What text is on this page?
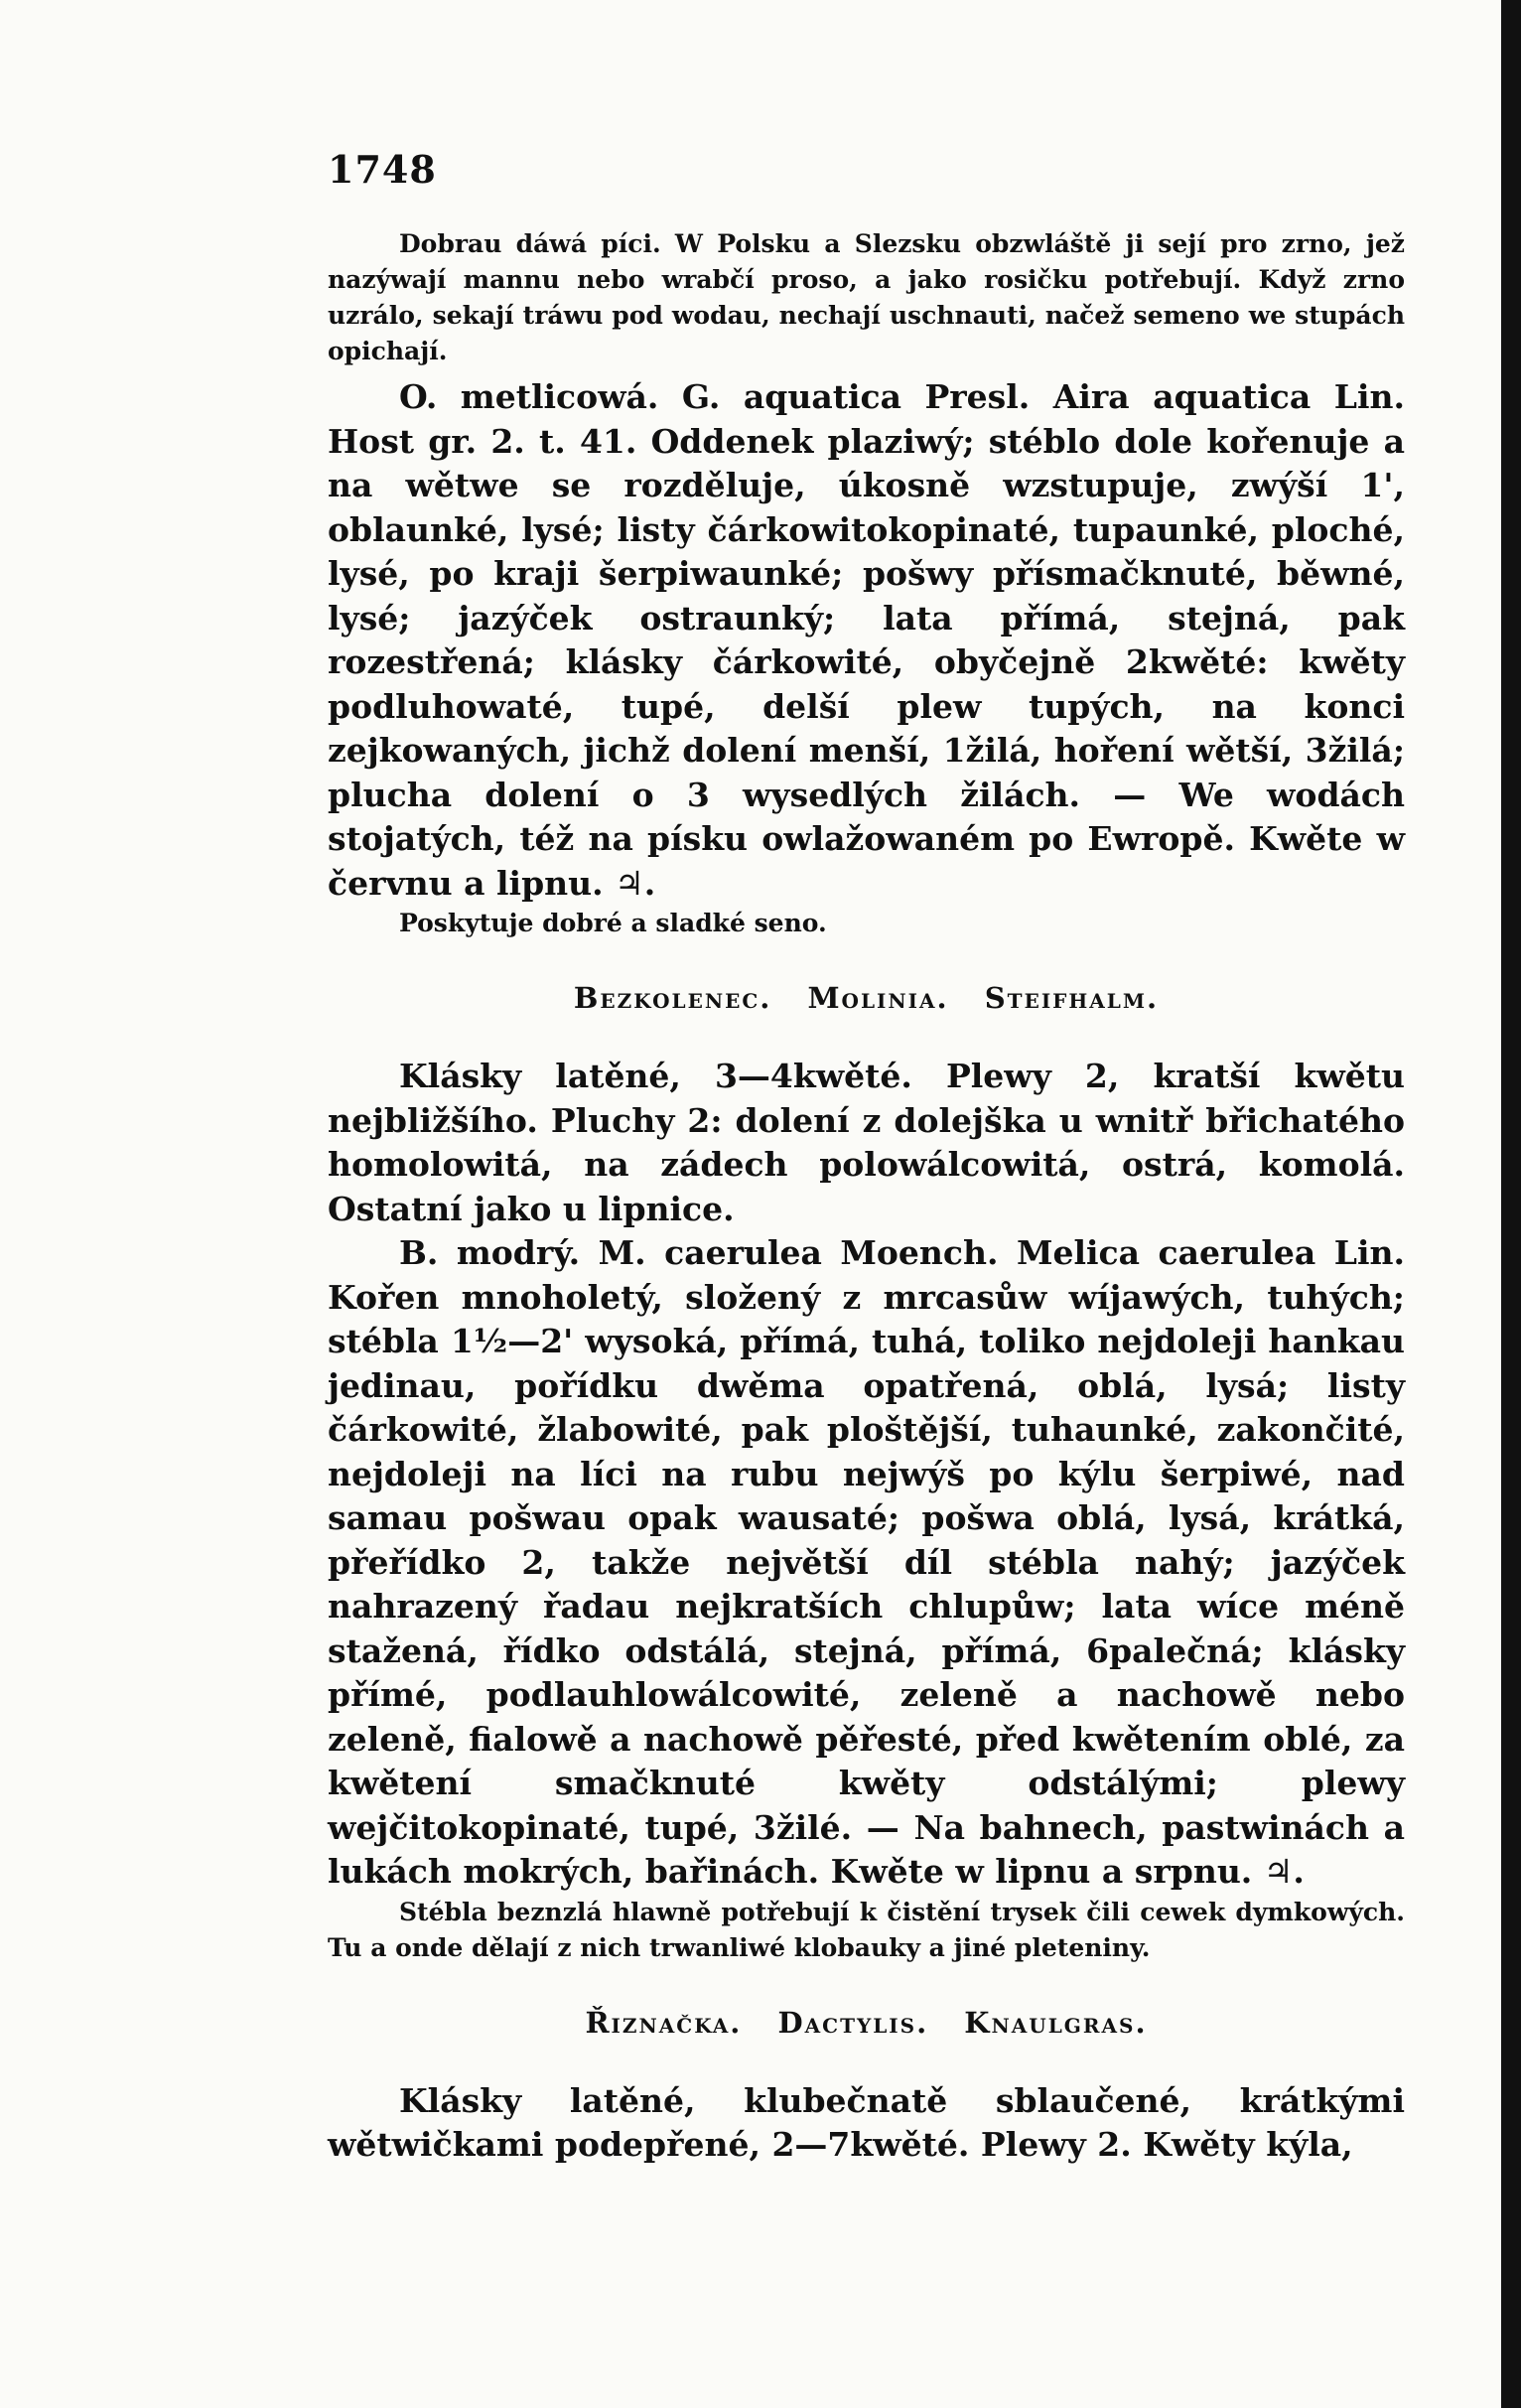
1748

Dobrau dáwá píci. W Polsku a Slezsku obzwláště ji sejí pro zrno, jež nazýwají mannu nebo wrabčí proso, a jako rosičku potřebují. Když zrno uzrálo, sekají tráwu pod wodau, nechají uschnauti, načež semeno we stupách opichají.

O. metlicowá. G. aquatica Presl. Aira aquatica Lin. Host gr. 2. t. 41. Oddenek plaziwý; stéblo dole kořenuje a na wětwe se rozděluje, úkosně wzstupuje, zwýší 1', oblaunké, lysé; listy čárkowitokopinaté, tupaunké, ploché, lysé, po kraji šerpiwaunké; pošwy přísmačknuté, běwné, lysé; jazýček ostraunký; lata přímá, stejná, pak rozestřená; klásky čárkowité, obyčejně 2kwěté: kwěty podluhowaté, tupé, delší plew tupých, na konci zejkowaných, jichž dolení menší, 1žilá, hoření wětší, 3žilá; plucha dolení o 3 wysedlých žilách. — We wodách stojatých, též na písku owlažowaném po Ewropě. Kwěte w červnu a lipnu. ♃.

Poskytuje dobré a sladké seno.

Bezkolenec. Molinia. Steifhalm.

Klásky latěné, 3—4kwěté. Plewy 2, kratší kwětu nejbližšího. Pluchy 2: dolení z dolejška u wnitř břichatého homolowitá, na zádech polowálcowitá, ostrá, komolá. Ostatní jako u lipnice.

B. modrý. M. caerulea Moench. Melica caerulea Lin. Kořen mnoholetý, složený z mrcasůw wíjawých, tuhých; stébla 1½—2' wysoká, přímá, tuhá, toliko nejdoleji hankau jedinau, pořídku dwěma opatřená, oblá, lysá; listy čárkowité, žlabowité, pak ploštější, tuhaunké, zakončité, nejdoleji na líci na rubu nejwýš po kýlu šerpiwé, nad samau pošwau opak wausaté; pošwa oblá, lysá, krátká, přeřídko 2, takže největší díl stébla nahý; jazýček nahrazený řadau nejkratších chlupůw; lata wíce méně stažená, řídko odstálá, stejná, přímá, 6palečná; klásky přímé, podlauhlowálcowité, zeleně a nachowě nebo zeleně, fialowě a nachowě pěřesté, před kwětením oblé, za kwětení smačknuté kwěty odstálými; plewy wejčitokopinaté, tupé, 3žilé. — Na bahnech, pastwinách a lukách mokrých, bařinách. Kwěte w lipnu a srpnu. ♃.

Stébla beznzlá hlawně potřebují k čistění trysek čili cewek dymkowých. Tu a onde dělají z nich trwanliwé klobauky a jiné pleteniny.

Řiznačka. Dactylis. Knaulgras.

Klásky latěné, klubečnatě sblaučené, krátkými wětwičkami podepřené, 2—7kwěté. Plewy 2. Kwěty kýla,
